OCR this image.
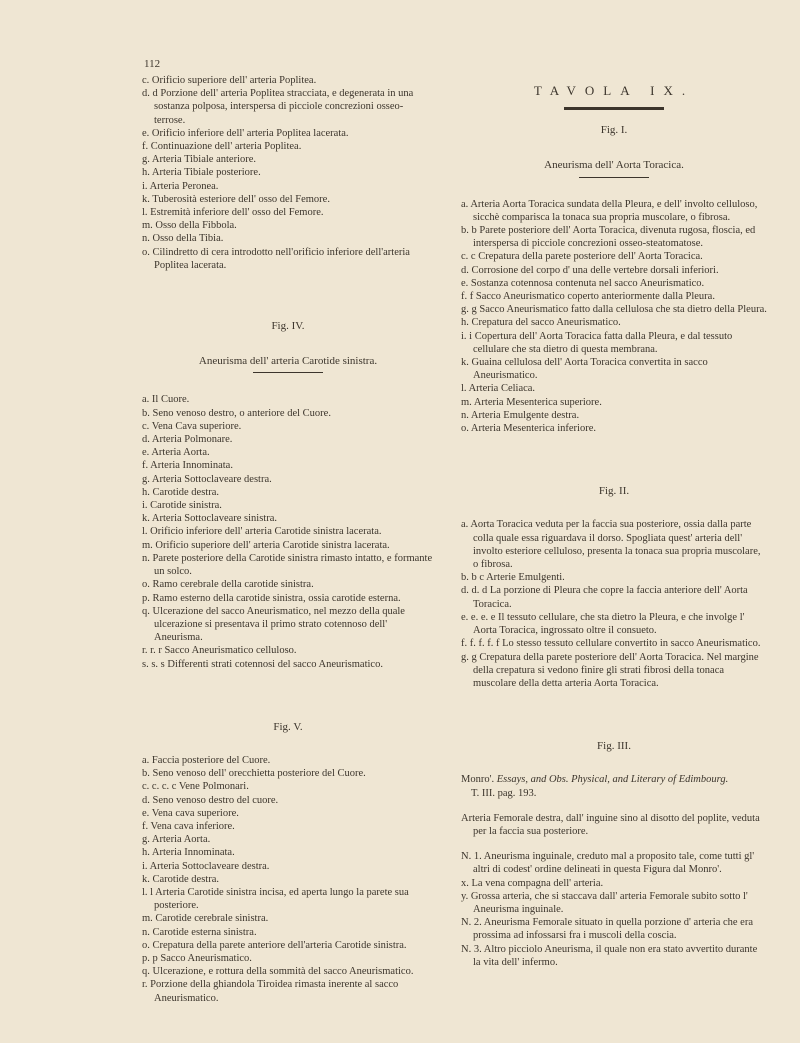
112
c. Orificio superiore dell' arteria Poplitea.
d. d Porzione dell' arteria Poplitea stracciata, e degenerata in una sostanza polposa, interspersa di picciole concrezioni osseo-terrose.
e. Orificio inferiore dell' arteria Poplitea lacerata.
f. Continuazione dell' arteria Poplitea.
g. Arteria Tibiale anteriore.
h. Arteria Tibiale posteriore.
i. Arteria Peronea.
k. Tuberosità esteriore dell' osso del Femore.
l. Estremità inferiore dell' osso del Femore.
m. Osso della Fibbola.
n. Osso della Tibia.
o. Cilindretto di cera introdotto nell'orificio inferiore dell'arteria Poplitea lacerata.
Fig. IV.
Aneurisma dell' arteria Carotide sinistra.
a. Il Cuore.
b. Seno venoso destro, o anteriore del Cuore.
c. Vena Cava superiore.
d. Arteria Polmonare.
e. Arteria Aorta.
f. Arteria Innominata.
g. Arteria Sottoclaveare destra.
h. Carotide destra.
i. Carotide sinistra.
k. Arteria Sottoclaveare sinistra.
l. Orificio inferiore dell' arteria Carotide sinistra lacerata.
m. Orificio superiore dell' arteria Carotide sinistra lacerata.
n. Parete posteriore della Carotide sinistra rimasto intatto, e formante un solco.
o. Ramo cerebrale della carotide sinistra.
p. Ramo esterno della carotide sinistra, ossia carotide esterna.
q. Ulcerazione del sacco Aneurismatico, nel mezzo della quale ulcerazione si presentava il primo strato cotennoso dell' Aneurisma.
r. r. r Sacco Aneurismatico celluloso.
s. s. s Differenti strati cotennosi del sacco Aneurismatico.
Fig. V.
a. Faccia posteriore del Cuore.
b. Seno venoso dell' orecchietta posteriore del Cuore.
c. c. c. c Vene Polmonari.
d. Seno venoso destro del cuore.
e. Vena cava superiore.
f. Vena cava inferiore.
g. Arteria Aorta.
h. Arteria Innominata.
i. Arteria Sottoclaveare destra.
k. Carotide destra.
l. l Arteria Carotide sinistra incisa, ed aperta lungo la parete sua posteriore.
m. Carotide cerebrale sinistra.
n. Carotide esterna sinistra.
o. Crepatura della parete anteriore dell'arteria Carotide sinistra.
p. p Sacco Aneurismatico.
q. Ulcerazione, e rottura della sommità del sacco Aneurismatico.
r. Porzione della ghiandola Tiroidea rimasta inerente al sacco Aneurismatico.
TAVOLA IX.
Fig. I.
Aneurisma dell' Aorta Toracica.
a. Arteria Aorta Toracica sundata della Pleura, e dell' involto celluloso, sicchè comparisca la tonaca sua propria muscolare, o fibrosa.
b. b Parete posteriore dell' Aorta Toracica, divenuta rugosa, floscia, ed interspersa di picciole concrezioni osseo-steatomatose.
c. c Crepatura della parete posteriore dell' Aorta Toracica.
d. Corrosione del corpo d' una delle vertebre dorsali inferiori.
e. Sostanza cotennosa contenuta nel sacco Aneurismatico.
f. f Sacco Aneurismatico coperto anteriormente dalla Pleura.
g. g Sacco Aneurismatico fatto dalla cellulosa che sta dietro della Pleura.
h. Crepatura del sacco Aneurismatico.
i. i Copertura dell' Aorta Toracica fatta dalla Pleura, e dal tessuto cellulare che sta dietro di questa membrana.
k. Guaina cellulosa dell' Aorta Toracica convertita in sacco Aneurismatico.
l. Arteria Celiaca.
m. Arteria Mesenterica superiore.
n. Arteria Emulgente destra.
o. Arteria Mesenterica inferiore.
Fig. II.
a. Aorta Toracica veduta per la faccia sua posteriore, ossia dalla parte colla quale essa riguardava il dorso. Spogliata quest' arteria dell' involto esteriore celluloso, presenta la tonaca sua propria muscolare, o fibrosa.
b. b c Arterie Emulgenti.
d. d. d La porzione di Pleura che copre la faccia anteriore dell' Aorta Toracica.
e. e. e. e Il tessuto cellulare, che sta dietro la Pleura, e che involge l' Aorta Toracica, ingrossato oltre il consueto.
f. f. f. f. f Lo stesso tessuto cellulare convertito in sacco Aneurismatico.
g. g Crepatura della parete posteriore dell' Aorta Toracica. Nel margine della crepatura si vedono finire gli strati fibrosi della tonaca muscolare della detta arteria Aorta Toracica.
Fig. III.
Monro'. Essays, and Obs. Physical, and Literary of Edimbourg.
T. III. pag. 193.
Arteria Femorale destra, dall' inguine sino al disotto del poplite, veduta per la faccia sua posteriore.
N. 1. Aneurisma inguinale, creduto mal a proposito tale, come tutti gl' altri di codest' ordine delineati in questa Figura dal Monro'.
x. La vena compagna dell' arteria.
y. Grossa arteria, che si staccava dall' arteria Femorale subito sotto l' Aneurisma inguinale.
N. 2. Aneurisma Femorale situato in quella porzione d' arteria che era prossima ad infossarsi fra i muscoli della coscia.
N. 3. Altro picciolo Aneurisma, il quale non era stato avvertito durante la vita dell' infermo.
